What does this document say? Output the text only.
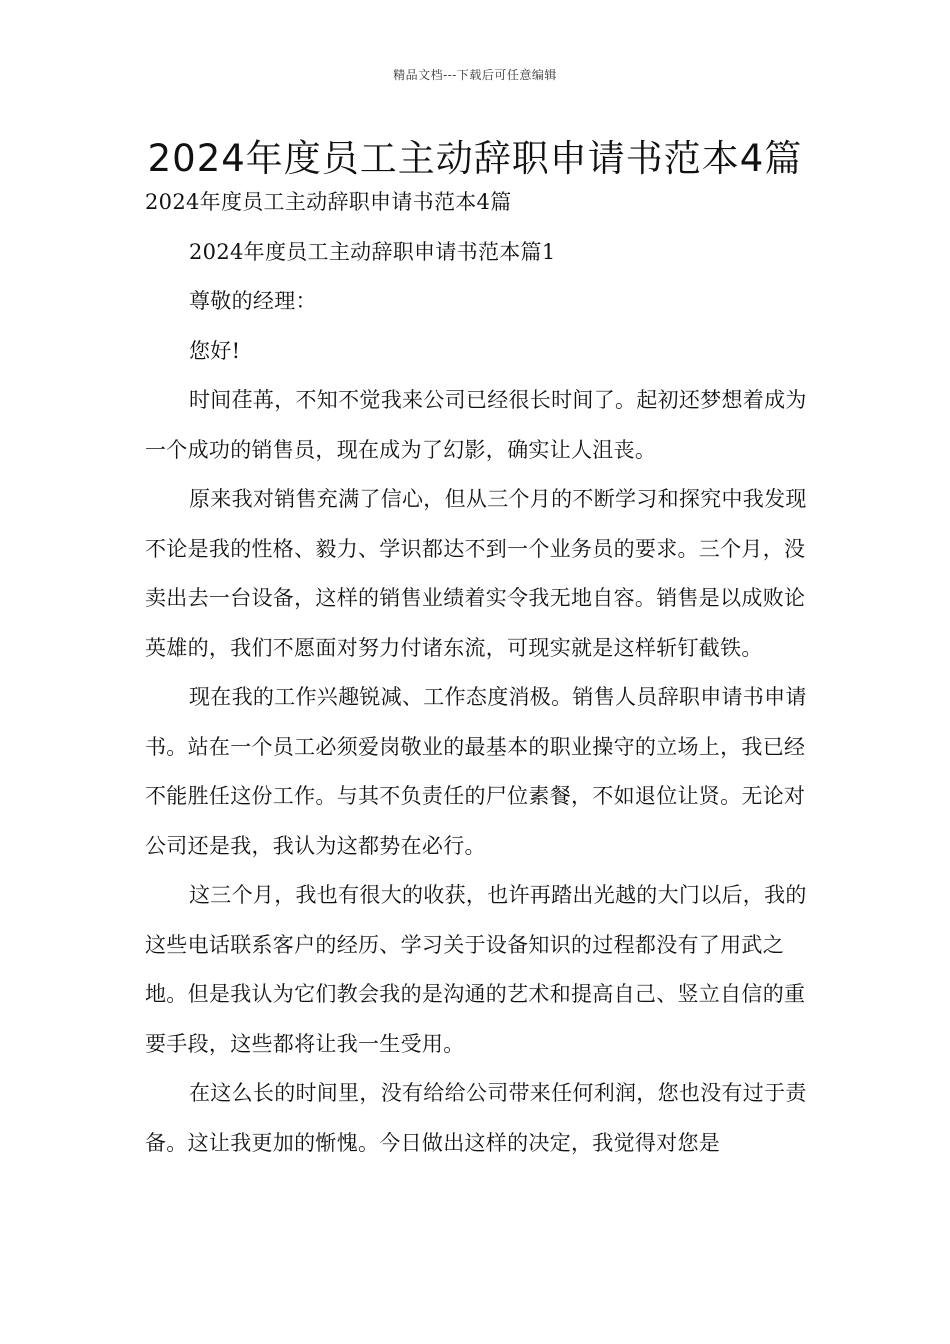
精品文档---下载后可任意编辑
2024年度员工主动辞职申请书范本4篇

2024年度员工主动辞职申请书范本4篇

2024年度员工主动辞职申请书范本篇1

尊敬的经理：

您好!

时间荏苒，不知不觉我来公司已经很长时间了。起初还梦想着成为一个成功的销售员，现在成为了幻影，确实让人沮丧。

原来我对销售充满了信心，但从三个月的不断学习和探究中我发现不论是我的性格、毅力、学识都达不到一个业务员的要求。三个月，没卖出去一台设备，这样的销售业绩着实令我无地自容。销售是以成败论英雄的，我们不愿面对努力付诸东流，可现实就是这样斩钉截铁。

现在我的工作兴趣锐减、工作态度消极。销售人员辞职申请书申请书。站在一个员工必须爱岗敬业的最基本的职业操守的立场上，我已经不能胜任这份工作。与其不负责任的尸位素餐，不如退位让贤。无论对公司还是我，我认为这都势在必行。

这三个月，我也有很大的收获，也许再踏出光越的大门以后，我的这些电话联系客户的经历、学习关于设备知识的过程都没有了用武之地。但是我认为它们教会我的是沟通的艺术和提高自己、竖立自信的重要手段，这些都将让我一生受用。

在这么长的时间里，没有给给公司带来任何利润，您也没有过于责备。这让我更加的惭愧。今日做出这样的决定，我觉得对您是
